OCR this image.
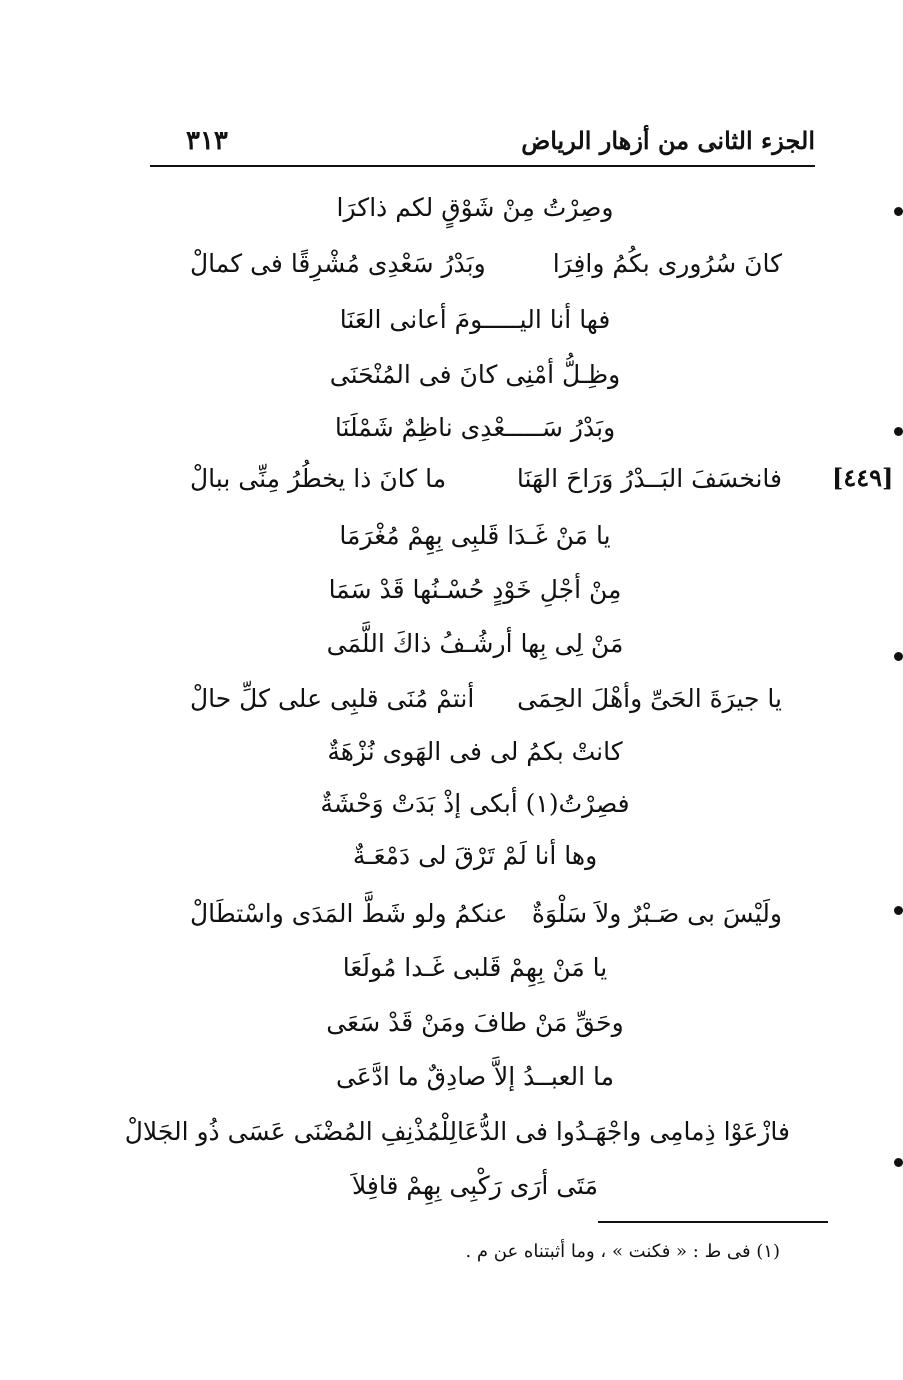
الجزء الثانى من أزهار الرياض
٣١٣
[٤٤٩]
وصِرْتُ مِنْ شَوْقٍ لكم ذاكرَا
كانَ سُرُورى بكُمُ وافِرَا
وبَدْرُ سَعْدِى مُشْرِقًا فى كمالْ
فها أنا اليـــــومَ أعانى العَنَا
وظِـلُّ أمْنِى كانَ فى المُنْحَنَى
وبَدْرُ سَـــــعْدِى ناظِمٌ شَمْلَنَا
فانخسَفَ البَــدْرُ وَرَاحَ الهَنَا
ما كانَ ذا يخطُرُ مِنِّى ببالْ
يا مَنْ غَـدَا قَلبِى بِهِمْ مُغْرَمَا
مِنْ أجْلِ خَوْدٍ حُسْـنُها قَدْ سَمَا
مَنْ لِى بِها أرشُـفُ ذاكَ اللَّمَى
يا جيرَةَ الحَىِّ وأهْلَ الحِمَى
أنتمْ مُنَى قلبِى على كلِّ حالْ
كانتْ بكمُ لى فى الهَوى نُزْهَةٌ
فصِرْتُ(١) أبكى إذْ بَدَتْ وَحْشَةٌ
وها أنا لَمْ تَرْقَ لى دَمْعَـةٌ
ولَيْسَ بى صَـبْرٌ ولاَ سَلْوَةٌ
عنكمُ ولو شَطَّ المَدَى واسْتطَالْ
يا مَنْ بِهِمْ قَلبى غَـدا مُولَعَا
وحَقِّ مَنْ طافَ ومَنْ قَدْ سَعَى
ما العبــدُ إلاَّ صادِقٌ ما ادَّعَى
فازْعَوْا ذِمامِى واجْهَـدُوا فى الدُّعَا
لِلْمُذْنِفِ المُضْنَى عَسَى ذُو الجَلالْ
مَتَى أرَى رَكْبِى بِهِمْ قافِلاَ
(١) فى ط : « فكنت » ، وما أثبتناه عن م .
